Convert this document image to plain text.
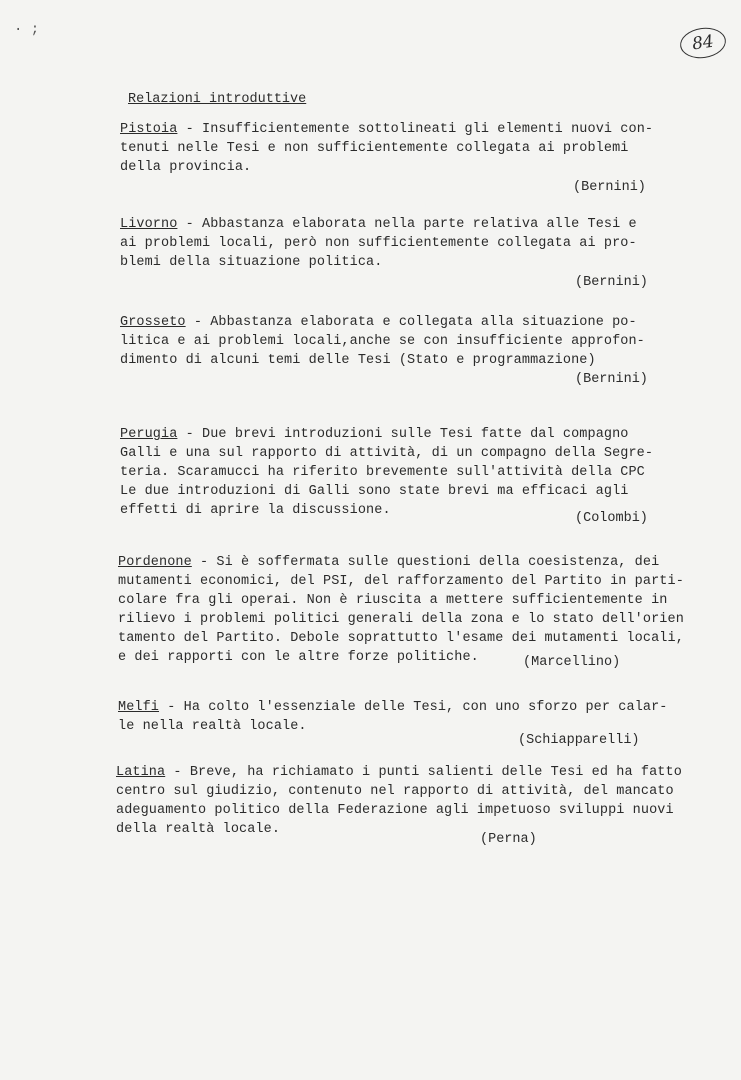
· ;
84
Relazioni introduttive
Pistoia - Insufficientemente sottolineati gli elementi nuovi con-
tenuti nelle Tesi e non sufficientemente collegata ai problemi
della provincia.
(Bernini)
Livorno - Abbastanza elaborata nella parte relativa alle Tesi e
ai problemi locali, però non sufficientemente collegata ai pro-
blemi della situazione politica.
(Bernini)
Grosseto - Abbastanza elaborata e collegata alla situazione po-
litica e ai problemi locali,anche se con insufficiente approfon-
dimento di alcuni temi delle Tesi (Stato e programmazione)
(Bernini)
Perugia - Due brevi introduzioni sulle Tesi fatte dal compagno
Galli e una sul rapporto di attività, di un compagno della Segre-
teria. Scaramucci ha riferito brevemente sull'attività della CPC
Le due introduzioni di Galli sono state brevi ma efficaci agli
effetti di aprire la discussione.
(Colombi)
Pordenone - Si è soffermata sulle questioni della coesistenza, dei
mutamenti economici, del PSI, del rafforzamento del Partito in parti-
colare fra gli operai. Non è riuscita a mettere sufficientemente in
rilievo i problemi politici generali della zona e lo stato dell'orien
tamento del Partito. Debole soprattutto l'esame dei mutamenti locali,
e dei rapporti con le altre forze politiche.	(Marcellino)
Melfi - Ha colto l'essenziale delle Tesi, con uno sforzo per calar-
le nella realtà locale.
(Schiapparelli)
Latina - Breve, ha richiamato i punti salienti delle Tesi ed ha fatto
centro sul giudizio, contenuto nel rapporto di attività, del mancato
adeguamento politico della Federazione agli impetuoso sviluppi nuovi
della realtà locale.
(Perna)
